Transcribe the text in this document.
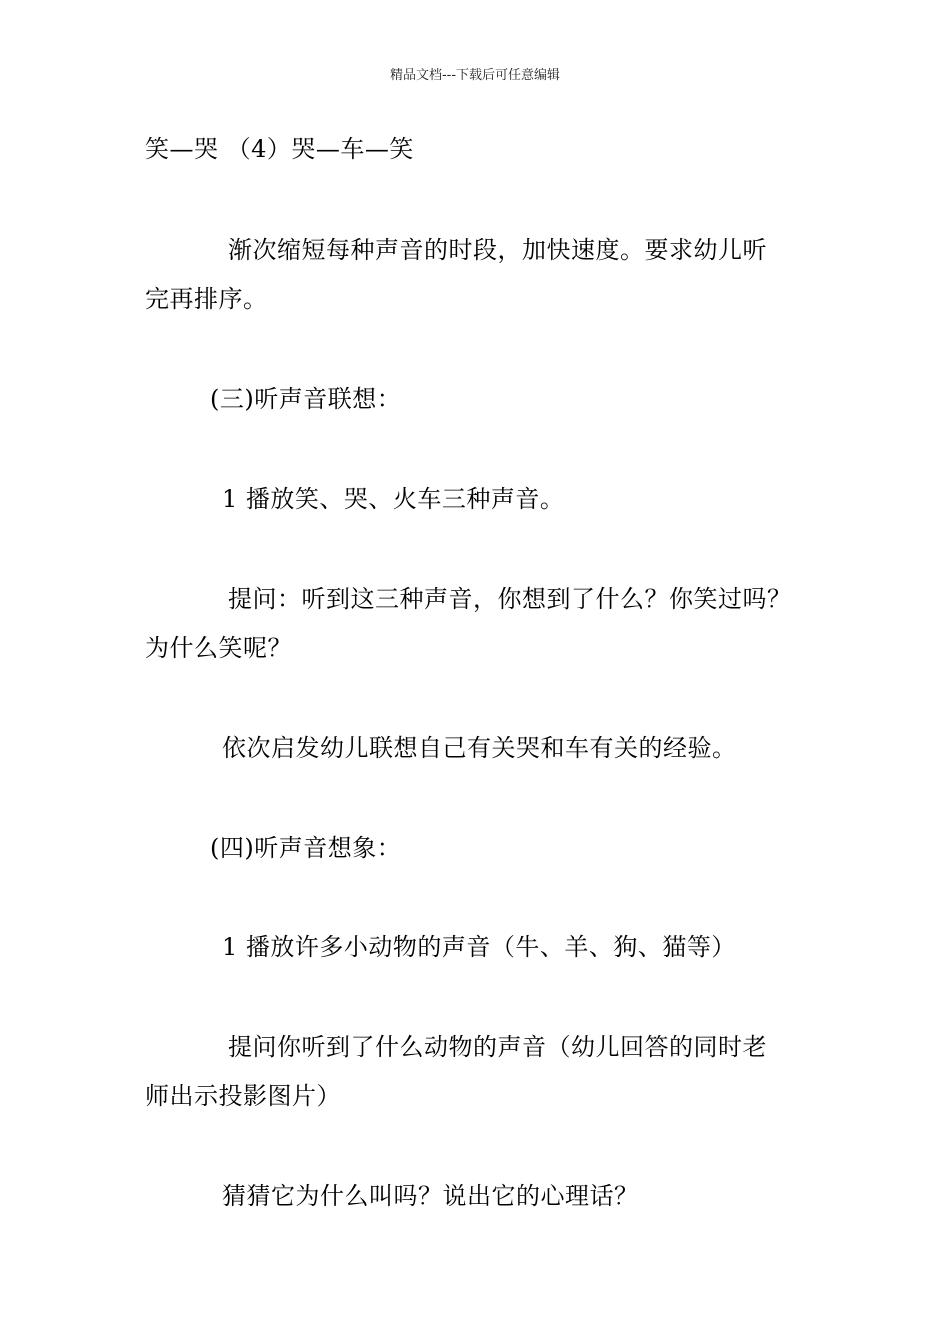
精品文档---下载后可任意编辑
笑—哭 （4）哭—车—笑
渐次缩短每种声音的时段，加快速度。要求幼儿听
完再排序。
(三)听声音联想：
1 播放笑、哭、火车三种声音。
提问：听到这三种声音，你想到了什么？你笑过吗？
为什么笑呢？
依次启发幼儿联想自己有关哭和车有关的经验。
(四)听声音想象：
1 播放许多小动物的声音（牛、羊、狗、猫等）
提问你听到了什么动物的声音（幼儿回答的同时老
师出示投影图片）
猜猜它为什么叫吗？说出它的心理话？
